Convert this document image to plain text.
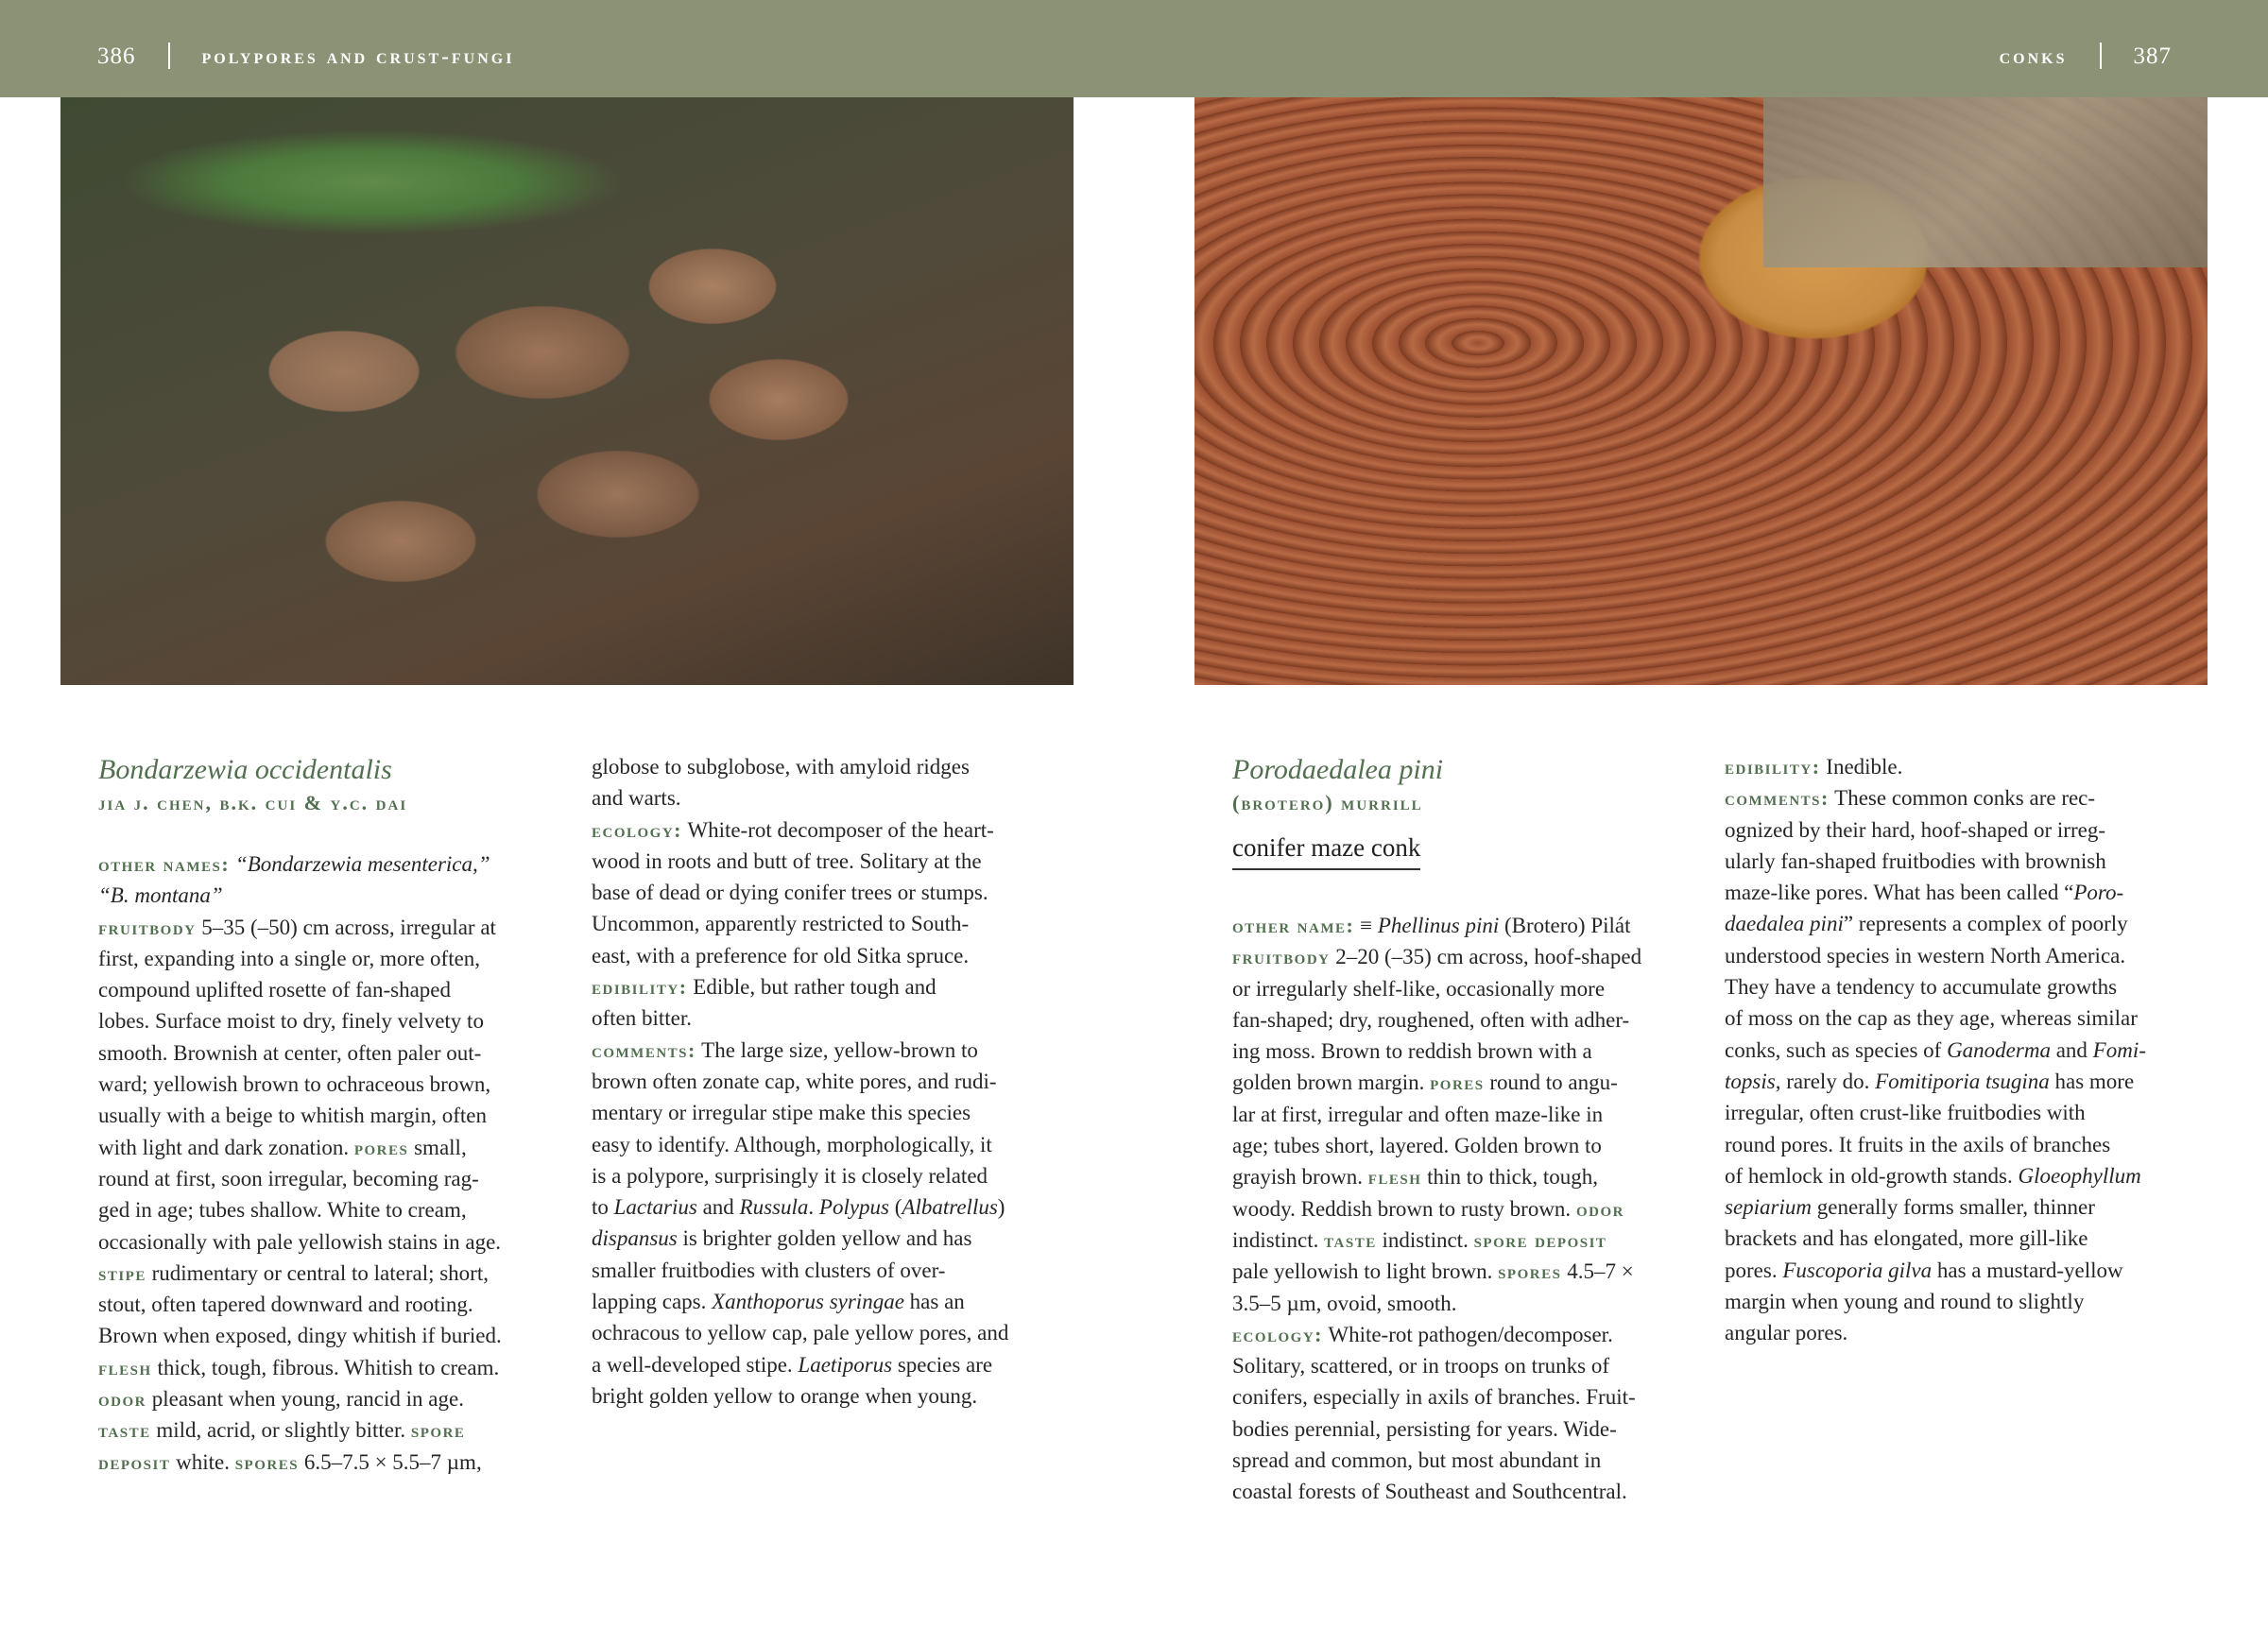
386	polypores and crust-fungi	conks	387

Bondarzewia occidentalis

jia j. chen, b.k. cui & y.c. dai

other names: “Bondarzewia mesenterica,”

“B. montana”

fruitbody 5–35 (–50) cm across, irregular at

first, expanding into a single or, more often,

compound uplifted rosette of fan-shaped

lobes. Surface moist to dry, finely velvety to

smooth. Brownish at center, often paler out-

ward; yellowish brown to ochraceous brown,

usually with a beige to whitish margin, often

with light and dark zonation. pores small,

round at first, soon irregular, becoming rag-

ged in age; tubes shallow. White to cream,

occasionally with pale yellowish stains in age.

stipe rudimentary or central to lateral; short,

stout, often tapered downward and rooting.

Brown when exposed, dingy whitish if buried.

flesh thick, tough, fibrous. Whitish to cream.

odor pleasant when young, rancid in age.

taste mild, acrid, or slightly bitter. spore

deposit white. spores 6.5–7.5 × 5.5–7 µm,

globose to subglobose, with amyloid ridges

and warts.

ecology: White-rot decomposer of the heart-

wood in roots and butt of tree. Solitary at the

base of dead or dying conifer trees or stumps.

Uncommon, apparently restricted to South-

east, with a preference for old Sitka spruce.

edibility: Edible, but rather tough and

often bitter.

comments: The large size, yellow-brown to

brown often zonate cap, white pores, and rudi-

mentary or irregular stipe make this species

easy to identify. Although, morphologically, it

is a polypore, surprisingly it is closely related

to Lactarius and Russula. Polypus (Albatrellus)

dispansus is brighter golden yellow and has

smaller fruitbodies with clusters of over-

lapping caps. Xanthoporus syringae has an

ochracous to yellow cap, pale yellow pores, and

a well-developed stipe. Laetiporus species are

bright golden yellow to orange when young.

Porodaedalea pini

(brotero) murrill

conifer maze conk

other name: ≡ Phellinus pini (Brotero) Pilát

fruitbody 2–20 (–35) cm across, hoof-shaped

or irregularly shelf-like, occasionally more

fan-shaped; dry, roughened, often with adher-

ing moss. Brown to reddish brown with a

golden brown margin. pores round to angu-

lar at first, irregular and often maze-like in

age; tubes short, layered. Golden brown to

grayish brown. flesh thin to thick, tough,

woody. Reddish brown to rusty brown. odor

indistinct. taste indistinct. spore deposit

pale yellowish to light brown. spores 4.5–7 ×

3.5–5 µm, ovoid, smooth.

ecology: White-rot pathogen/decomposer.

Solitary, scattered, or in troops on trunks of

conifers, especially in axils of branches. Fruit-

bodies perennial, persisting for years. Wide-

spread and common, but most abundant in

coastal forests of Southeast and Southcentral.

edibility: Inedible.

comments: These common conks are rec-

ognized by their hard, hoof-shaped or irreg-

ularly fan-shaped fruitbodies with brownish

maze-like pores. What has been called “Poro-

daedalea pini” represents a complex of poorly

understood species in western North America.

They have a tendency to accumulate growths

of moss on the cap as they age, whereas similar

conks, such as species of Ganoderma and Fomi-

topsis, rarely do. Fomitiporia tsugina has more

irregular, often crust-like fruitbodies with

round pores. It fruits in the axils of branches

of hemlock in old-growth stands. Gloeophyllum

sepiarium generally forms smaller, thinner

brackets and has elongated, more gill-like

pores. Fuscoporia gilva has a mustard-yellow

margin when young and round to slightly

angular pores.
